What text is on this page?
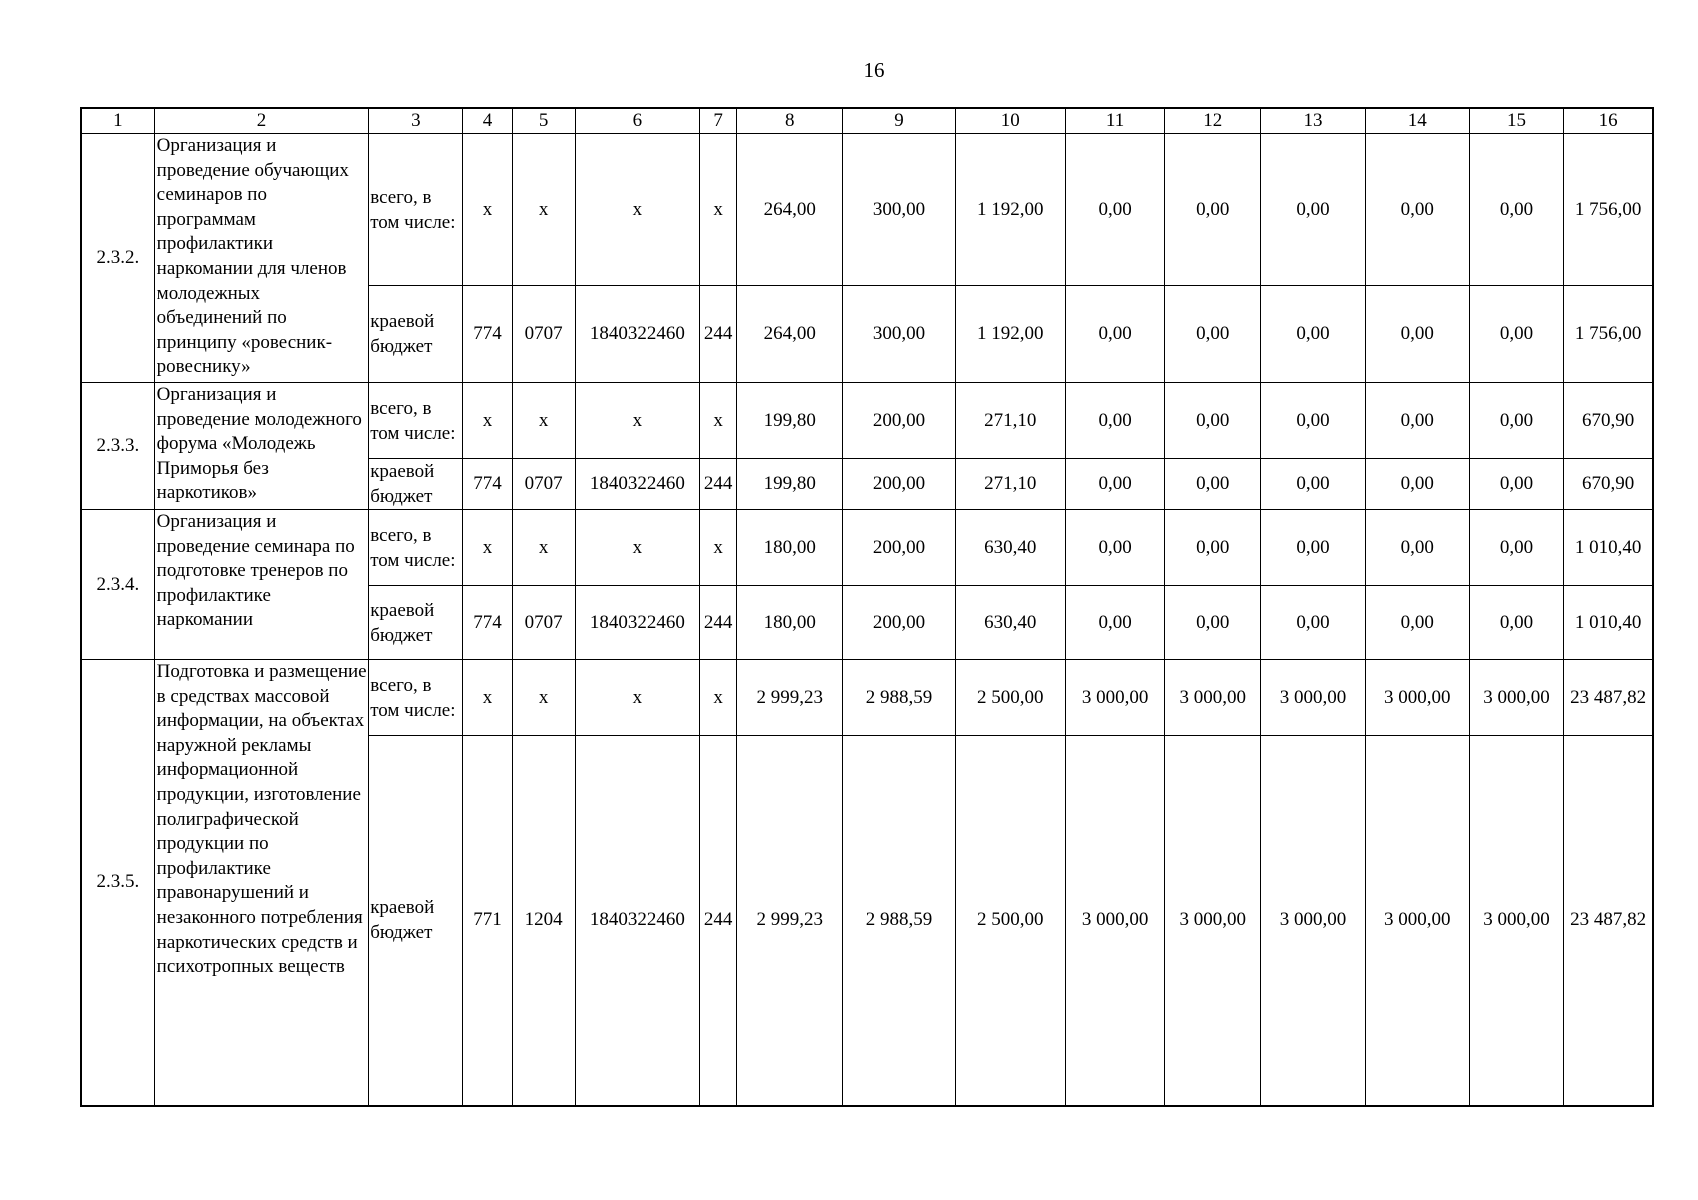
16
1	2	3	4	5	6	7	8	9	10	11	12	13	14	15	16
2.3.2.	Организация и проведение обучающих семинаров по программам профилактики наркомании для членов молодежных объединений по принципу «ровесник-ровеснику»	всего, в том числе:	x	x	x	x	264,00	300,00	1 192,00	0,00	0,00	0,00	0,00	0,00	1 756,00
		краевой бюджет	774	0707	1840322460	244	264,00	300,00	1 192,00	0,00	0,00	0,00	0,00	0,00	1 756,00
2.3.3.	Организация и проведение молодежного форума «Молодежь Приморья без наркотиков»	всего, в том числе:	x	x	x	x	199,80	200,00	271,10	0,00	0,00	0,00	0,00	0,00	670,90
		краевой бюджет	774	0707	1840322460	244	199,80	200,00	271,10	0,00	0,00	0,00	0,00	0,00	670,90
2.3.4.	Организация и проведение семинара по подготовке тренеров по профилактике наркомании	всего, в том числе:	x	x	x	x	180,00	200,00	630,40	0,00	0,00	0,00	0,00	0,00	1 010,40
		краевой бюджет	774	0707	1840322460	244	180,00	200,00	630,40	0,00	0,00	0,00	0,00	0,00	1 010,40
2.3.5.	Подготовка и размещение в средствах массовой информации, на объектах наружной рекламы информационной продукции, изготовление полиграфической продукции по профилактике правонарушений и незаконного потребления наркотических средств и психотропных веществ	всего, в том числе:	x	x	x	x	2 999,23	2 988,59	2 500,00	3 000,00	3 000,00	3 000,00	3 000,00	3 000,00	23 487,82
		краевой бюджет	771	1204	1840322460	244	2 999,23	2 988,59	2 500,00	3 000,00	3 000,00	3 000,00	3 000,00	3 000,00	23 487,82
